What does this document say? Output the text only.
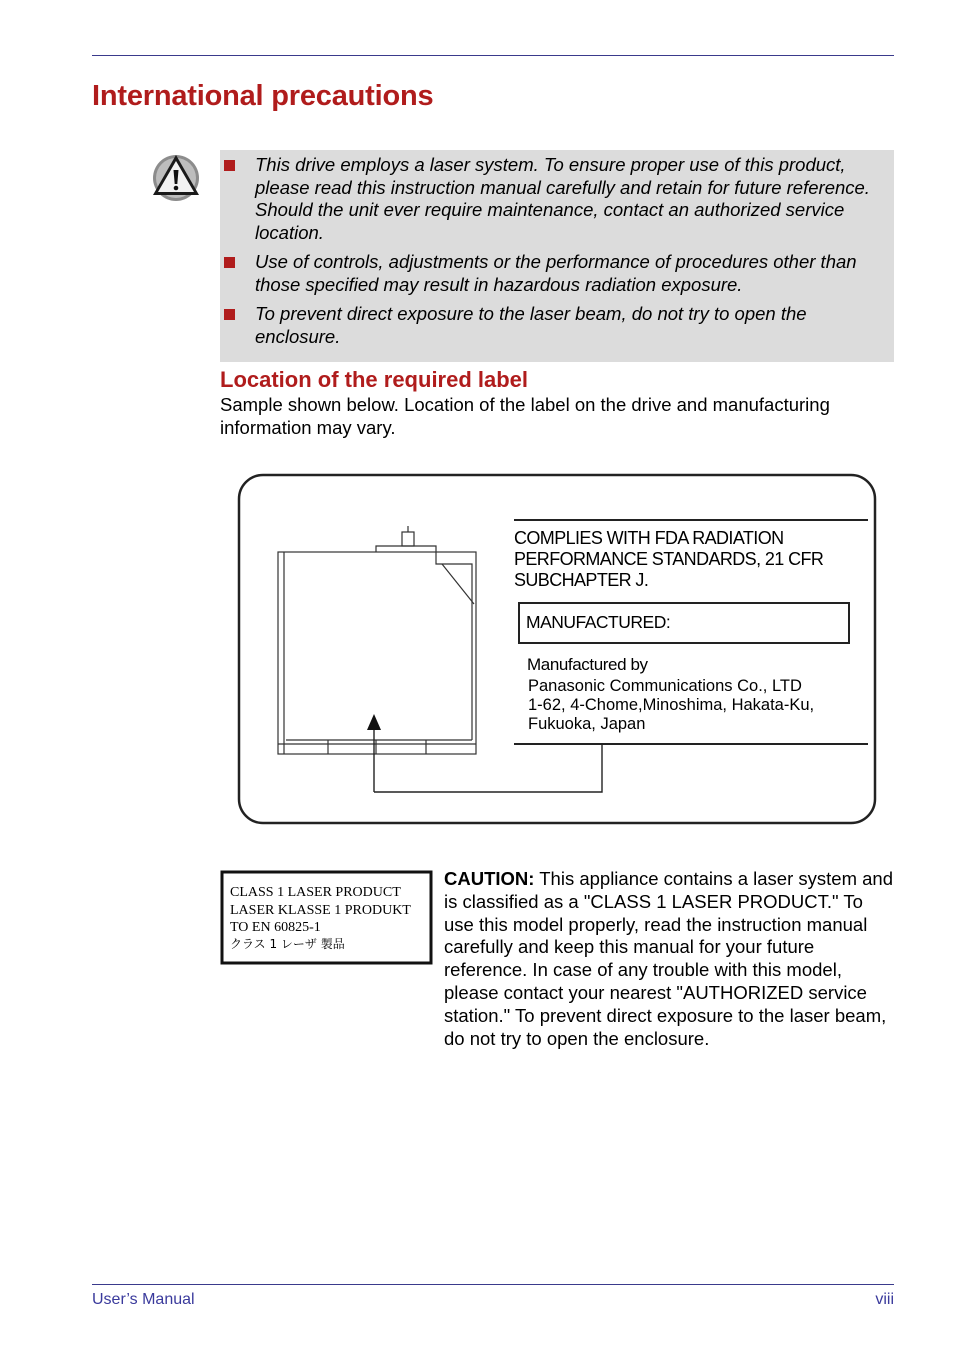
International precautions
This drive employs a laser system. To ensure proper use of this product, please read this instruction manual carefully and retain for future reference. Should the unit ever require maintenance, contact an authorized service location.
Use of controls, adjustments or the performance of procedures other than those specified may result in hazardous radiation exposure.
To prevent direct exposure to the laser beam, do not try to open the enclosure.
Location of the required label

Sample shown below. Location of the label on the drive and manufacturing information may vary.

COMPLIES WITH FDA RADIATION
PERFORMANCE STANDARDS, 21 CFR
SUBCHAPTER J.
MANUFACTURED:
Manufactured by
Panasonic Communications Co., LTD
1-62, 4-Chome,Minoshima, Hakata-Ku,
Fukuoka, Japan
CLASS 1 LASER PRODUCT
LASER KLASSE 1 PRODUKT
TO EN 60825-1
クラス 1 レーザ 製品

CAUTION: This appliance contains a laser system and is classified as a "CLASS 1 LASER PRODUCT." To use this model properly, read the instruction manual carefully and keep this manual for your future reference. In case of any trouble with this model, please contact your nearest "AUTHORIZED service station." To prevent direct exposure to the laser beam, do not try to open the enclosure.

User’s Manual	viii
